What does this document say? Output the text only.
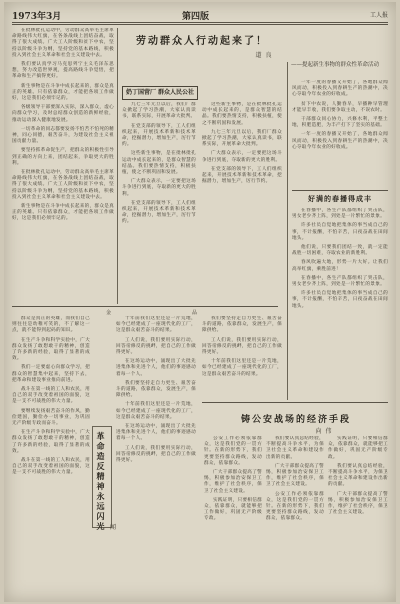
1973年3月	第四版	工人报

在批林批孔运动中，劳动群众高举毛主席革命路线伟大红旗，在各条战线上团结奋战，取得了很大成绩。广大工人阶级和贫下中农，坚持以阶级斗争为纲，坚持党的基本路线，积极投入到社会主义革命和社会主义建设中去。

我们要认真学习马克思列宁主义毛泽东思想，努力改造世界观，提高路线斗争觉悟，把革命和生产搞得更好。

新生事物是在斗争中成长起来的，群众是真正的英雄。只有依靠群众，才能把各项工作做好，这是我们必须牢记的。

各级领导干部要深入实际，深入群众，虚心向群众学习，及时总结群众创造的新鲜经验，推动运动深入健康地发展。

一切革命的同志都要发扬不怕苦不怕死的精神，同心同德，艰苦奋斗，为建设社会主义祖国贡献力量。

要坚持抓革命促生产，把群众的积极性引导到正确的方向上来，团结起来，争取更大的胜利。

在批林批孔运动中，劳动群众高举毛主席革命路线伟大红旗，在各条战线上团结奋战，取得了很大成绩。广大工人阶级和贫下中农，坚持以阶级斗争为纲，坚持党的基本路线，积极投入到社会主义革命和社会主义建设中去。

新生事物是在斗争中成长起来的，群众是真正的英雄。只有依靠群众，才能把各项工作做好，这是我们必须牢记的。

劳动群众人行动起来了！
道 良
——提起新生事物的群众性革命活动
奶丁国营厂 群众人民公社

九七三年元旦以后，我们厂群众掀起了学习热潮，大家认真读书，联系实际，开展革命大批判。

在党支部的领导下，工人们组织起来，开展技术革新和技术革命，挖掘潜力，增加生产，厉行节约。

这些新生事物，是在批林批孔运动中成长起来的，是群众智慧的结晶。我们要热情支持，积极扶植，使之不断巩固和发展。

广大群众表示，一定要把这场斗争进行到底，夺取新的更大的胜利。

在党支部的领导下，工人们组织起来，开展技术革新和技术革命，挖掘潜力，增加生产，厉行节约。

这些新生事物，是在批林批孔运动中成长起来的，是群众智慧的结晶。我们要热情支持，积极扶植，使之不断巩固和发展。

九七三年元旦以后，我们厂群众掀起了学习热潮，大家认真读书，联系实际，开展革命大批判。

广大群众表示，一定要把这场斗争进行到底，夺取新的更大的胜利。

在党支部的领导下，工人们组织起来，开展技术革新和技术革命，挖掘潜力，增加生产，厉行节约。

一年一度的春播又开始了，各地群众闻风而动，积极投入到春耕生产的热潮中，决心夺取今年农业的好收成。

贫下中农说，人勤春早，早播种早管理才能早丰收，我们要争取主动，不误农时。

干部群众同心协力，兴修水利，平整土地，积肥造肥，为丰产打下了坚实的基础。

一年一度的春播又开始了，各地群众闻风而动，积极投入到春耕生产的热潮中，决心夺取今年农业的好收成。

好满的春播得成丰

在春播中，各生产队都组织了突击队，男女老少齐上阵，到处是一片繁忙的景象。

许多社员自觉地把集体的事当成自己的事，不计报酬，不怕辛苦，日夜奋战在田间地头。

他们说，只要我们团结一致，就一定能战胜一切困难，夺取农业的新胜利。

春风吹遍大地，形势一片大好。让我们高举红旗，乘胜前进！

在春播中，各生产队都组织了突击队，男女老少齐上阵，到处是一片繁忙的景象。

许多社员自觉地把集体的事当成自己的事，不计报酬，不怕辛苦，日夜奋战在田间地头。

金	品

群众是真正的英雄，而我们自己则往往是幼稚可笑的，不了解这一点，就不能得到起码的知识。

在生产斗争和科学实验中，广大群众发扬了敢想敢干的精神，创造了许多新的经验，取得了显著的成效。

我们一定要虚心向群众学习，把群众的智慧集中起来，坚持下去，把革命和建设事业推向前进。

战斗在第一线的工人和农民，用自己的双手改变着祖国的面貌，这是一支不可战胜的伟大力量。

要继续发扬艰苦奋斗的作风，勤俭建国，勤俭办一切事业，为巩固无产阶级专政而奋斗。

在生产斗争和科学实验中，广大群众发扬了敢想敢干的精神，创造了许多新的经验，取得了显著的成效。

战斗在第一线的工人和农民，用自己的双手改变着祖国的面貌，这是一支不可战胜的伟大力量。	革命造反精神永远闪光 闻

十年前我们这里还是一片荒地，如今已经建成了一座现代化的工厂，这是群众艰苦奋斗的结果。

工人们说，我们要用实际行动，回答帝修反的挑衅，把自己的工作做得更好。

在这场运动中，涌现出了大批先进集体和先进个人，他们的事迹感动着每一个人。

我们要坚持走自力更生、艰苦奋斗的道路，依靠群众，发展生产，保障供给。

十年前我们这里还是一片荒地，如今已经建成了一座现代化的工厂，这是群众艰苦奋斗的结果。

在这场运动中，涌现出了大批先进集体和先进个人，他们的事迹感动着每一个人。

工人们说，我们要用实际行动，回答帝修反的挑衅，把自己的工作做得更好。

我们要坚持走自力更生、艰苦奋斗的道路，依靠群众，发展生产，保障供给。

工人们说，我们要用实际行动，回答帝修反的挑衅，把自己的工作做得更好。

十年前我们这里还是一片荒地，如今已经建成了一座现代化的工厂，这是群众艰苦奋斗的结果。

铸公安战场的经济手段
向 伟

公安工作必须依靠群众，这是我们党的一贯方针。在新的形势下，我们更要坚持群众路线，发动群众，依靠群众。

广大干部群众提高了警惕，积极参加治安保卫工作，维护了社会秩序，保卫了社会主义建设。

实践证明，只要相信群众，依靠群众，就能够把工作做好，巩固无产阶级专政。

我们要认真总结经验，不断提高斗争水平，为保卫社会主义革命和建设作出新的贡献。

广大干部群众提高了警惕，积极参加治安保卫工作，维护了社会秩序，保卫了社会主义建设。

公安工作必须依靠群众，这是我们党的一贯方针。在新的形势下，我们更要坚持群众路线，发动群众，依靠群众。

实践证明，只要相信群众，依靠群众，就能够把工作做好，巩固无产阶级专政。

我们要认真总结经验，不断提高斗争水平，为保卫社会主义革命和建设作出新的贡献。

广大干部群众提高了警惕，积极参加治安保卫工作，维护了社会秩序，保卫了社会主义建设。
